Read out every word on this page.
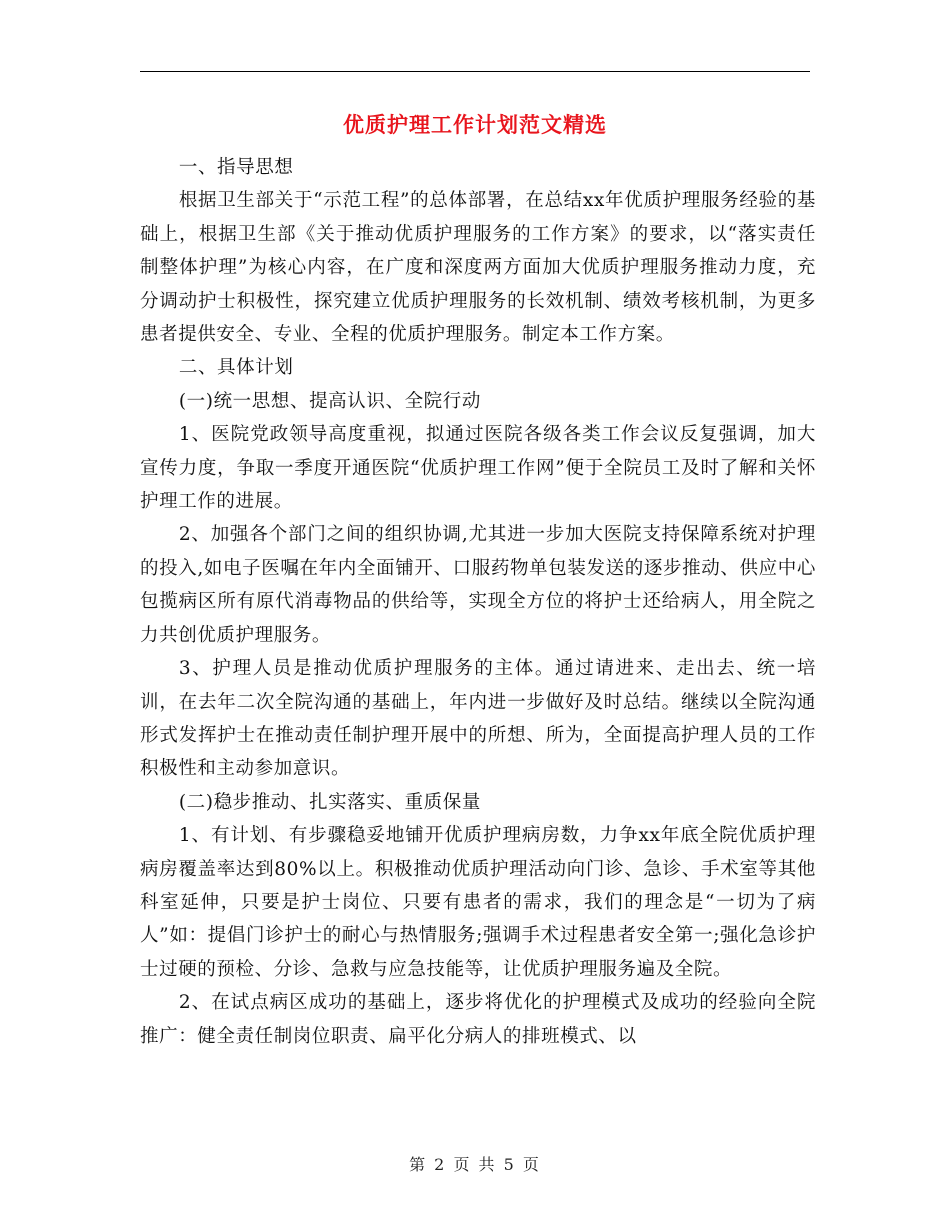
优质护理工作计划范文精选

一、指导思想

根据卫生部关于“示范工程”的总体部署，在总结xx年优质护理服务经验的基础上，根据卫生部《关于推动优质护理服务的工作方案》的要求，以“落实责任制整体护理”为核心内容，在广度和深度两方面加大优质护理服务推动力度，充分调动护士积极性，探究建立优质护理服务的长效机制、绩效考核机制，为更多患者提供安全、专业、全程的优质护理服务。制定本工作方案。

二、具体计划

(一)统一思想、提高认识、全院行动

1、医院党政领导高度重视，拟通过医院各级各类工作会议反复强调，加大宣传力度，争取一季度开通医院“优质护理工作网”便于全院员工及时了解和关怀护理工作的进展。

2、加强各个部门之间的组织协调,尤其进一步加大医院支持保障系统对护理的投入,如电子医嘱在年内全面铺开、口服药物单包装发送的逐步推动、供应中心包揽病区所有原代消毒物品的供给等，实现全方位的将护士还给病人，用全院之力共创优质护理服务。

3、护理人员是推动优质护理服务的主体。通过请进来、走出去、统一培训，在去年二次全院沟通的基础上，年内进一步做好及时总结。继续以全院沟通形式发挥护士在推动责任制护理开展中的所想、所为，全面提高护理人员的工作积极性和主动参加意识。

(二)稳步推动、扎实落实、重质保量

1、有计划、有步骤稳妥地铺开优质护理病房数，力争xx年底全院优质护理病房覆盖率达到80%以上。积极推动优质护理活动向门诊、急诊、手术室等其他科室延伸，只要是护士岗位、只要有患者的需求，我们的理念是“一切为了病人”如：提倡门诊护士的耐心与热情服务;强调手术过程患者安全第一;强化急诊护士过硬的预检、分诊、急救与应急技能等，让优质护理服务遍及全院。

2、在试点病区成功的基础上，逐步将优化的护理模式及成功的经验向全院推广：健全责任制岗位职责、扁平化分病人的排班模式、以

第 2 页 共 5 页
